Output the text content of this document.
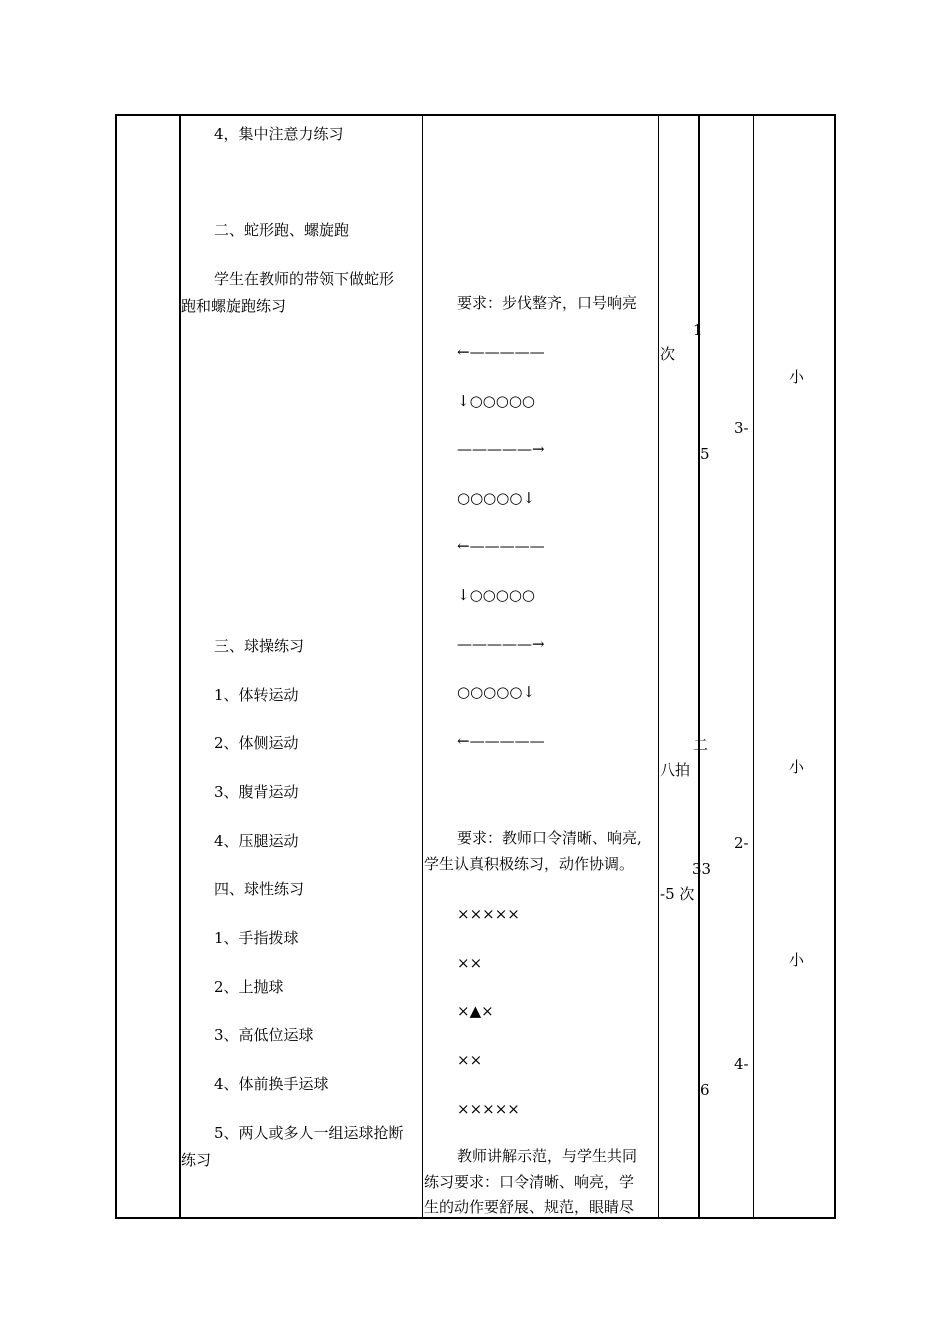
4，集中注意力练习
二、蛇形跑、螺旋跑
学生在教师的带领下做蛇形
跑和螺旋跑练习
三、球操练习
1、体转运动
2、体侧运动
3、腹背运动
4、压腿运动
四、球性练习
1、手指拨球
2、上抛球
3、高低位运球
4、体前换手运球
5、两人或多人一组运球抢断
练习
要求：步伐整齐，口号响亮
←—————
↓○○○○○
—————→
○○○○○↓
←—————
↓○○○○○
—————→
○○○○○↓
←—————
要求：教师口令清晰、响亮,
学生认真积极练习，动作协调。
×××××
××
×▲×
××
×××××
教师讲解示范，与学生共同
练习要求：口令清晰、响亮，学
生的动作要舒展、规范，眼睛尽
1
次
5
二
八拍
33
-5 次
6
3-
2-
4-
小
小
小
